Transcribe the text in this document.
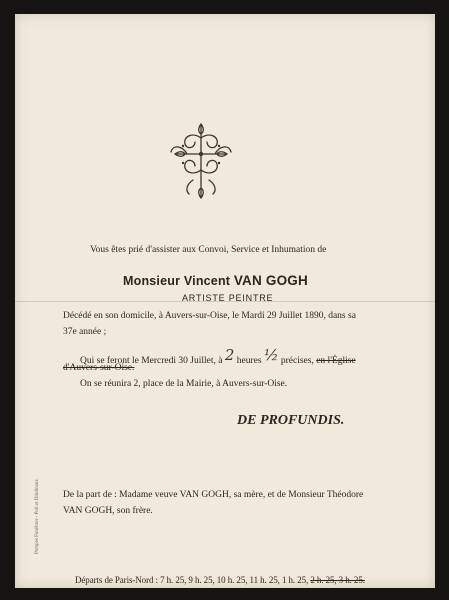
Vous êtes prié d'assister aux Convoi, Service et Inhumation de
Monsieur Vincent VAN GOGH
ARTISTE PEINTRE
Décédé en son domicile, à Auvers-sur-Oise, le Mardi 29 Juillet 1890, dans sa
37e année ;
Qui se feront le Mercredi 30 Juillet, à 2 heures ½ précises, en l'Église
d'Auvers-sur-Oise.
On se réunira 2, place de la Mairie, à Auvers-sur-Oise.
DE PROFUNDIS.
De la part de : Madame veuve VAN GOGH, sa mère, et de Monsieur Théodore
VAN GOGH, son frère.
Départs de Paris-Nord : 7 h. 25, 9 h. 25, 10 h. 25, 11 h. 25, 1 h. 25, 2 h. 25, 3 h. 25.
Pompes Funèbres - Poll et Dindinaux
